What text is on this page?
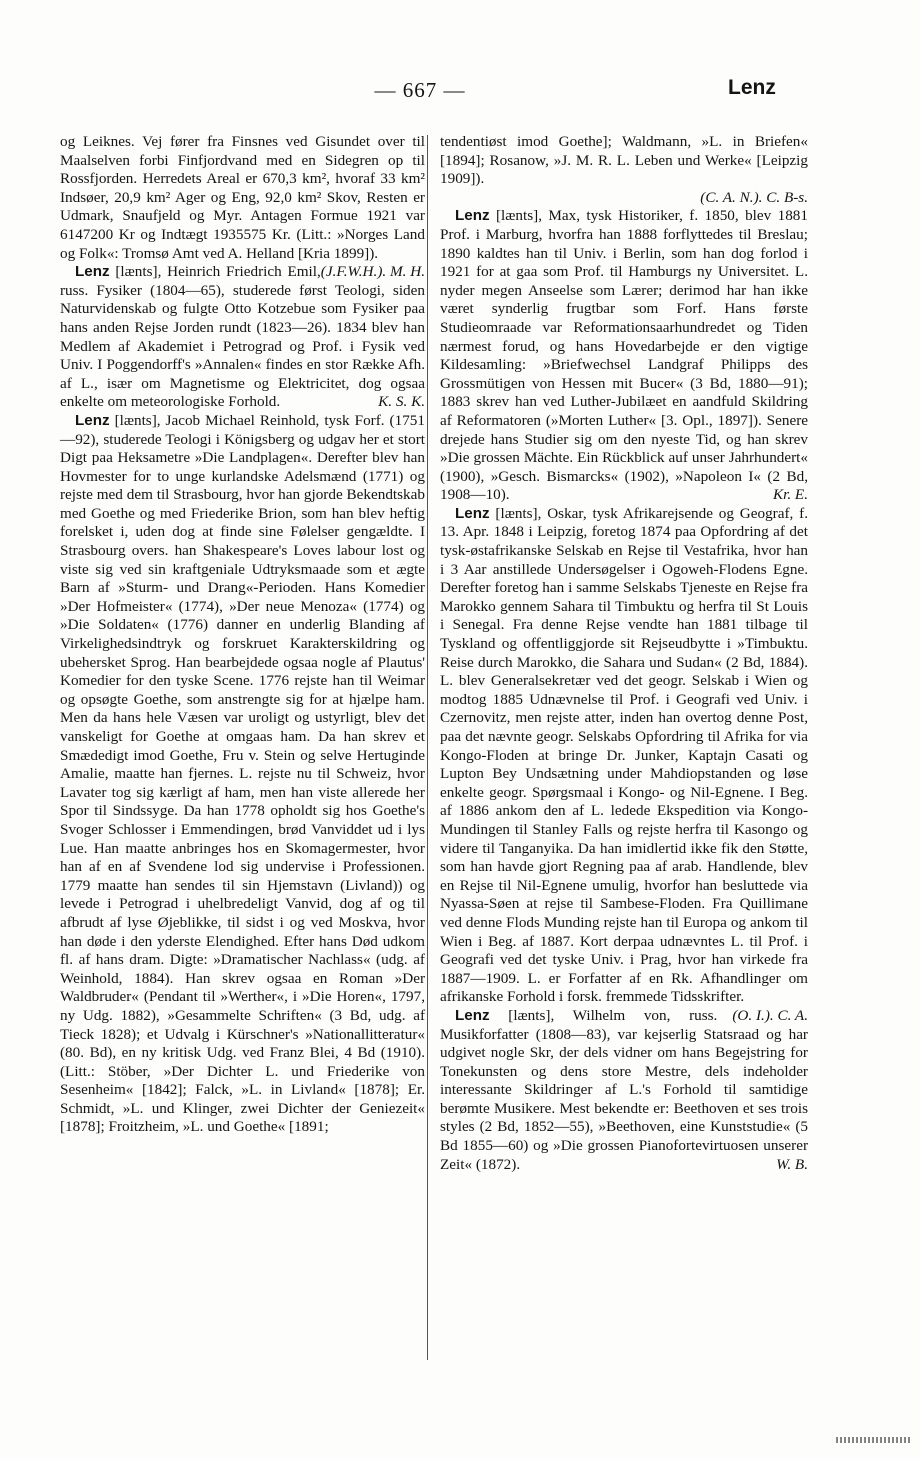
— 667 —	Lenz

og Leiknes. Vej fører fra Finsnes ved Gisundet over til Maalselven forbi Finfjordvand med en Sidegren op til Rossfjorden. Herredets Areal er 670,3 km², hvoraf 33 km² Indsøer, 20,9 km² Ager og Eng, 92,0 km² Skov, Resten er Udmark, Snaufjeld og Myr. Antagen Formue 1921 var 6147200 Kr og Indtægt 1935575 Kr. (Litt.: »Norges Land og Folk«: Tromsø Amt ved A. Helland [Kria 1899]).
(J.F.W.H.). M. H.

Lenz [lænts], Heinrich Friedrich Emil, russ. Fysiker (1804—65), studerede først Teologi, siden Naturvidenskab og fulgte Otto Kotzebue som Fysiker paa hans anden Rejse Jorden rundt (1823—26). 1834 blev han Medlem af Akademiet i Petrograd og Prof. i Fysik ved Univ. I Poggendorff's »Annalen« findes en stor Række Afh. af L., især om Magnetisme og Elektricitet, dog ogsaa enkelte om meteorologiske Forhold.	K. S. K.

Lenz [lænts], Jacob Michael Reinhold, tysk Forf. (1751—92), studerede Teologi i Königsberg og udgav her et stort Digt paa Heksametre »Die Landplagen«. Derefter blev han Hovmester for to unge kurlandske Adelsmænd (1771) og rejste med dem til Strasbourg, hvor han gjorde Bekendtskab med Goethe og med Friederike Brion, som han blev heftig forelsket i, uden dog at finde sine Følelser gengældte. I Strasbourg overs. han Shakespeare's Loves labour lost og viste sig ved sin kraftgeniale Udtryksmaade som et ægte Barn af »Sturm- und Drang«-Perioden. Hans Komedier »Der Hofmeister« (1774), »Der neue Menoza« (1774) og »Die Soldaten« (1776) danner en underlig Blanding af Virkelighedsindtryk og forskruet Karakterskildring og ubehersket Sprog. Han bearbejdede ogsaa nogle af Plautus' Komedier for den tyske Scene. 1776 rejste han til Weimar og opsøgte Goethe, som anstrengte sig for at hjælpe ham. Men da hans hele Væsen var uroligt og ustyrligt, blev det vanskeligt for Goethe at omgaas ham. Da han skrev et Smædedigt imod Goethe, Fru v. Stein og selve Hertuginde Amalie, maatte han fjernes. L. rejste nu til Schweiz, hvor Lavater tog sig kærligt af ham, men han viste allerede her Spor til Sindssyge. Da han 1778 opholdt sig hos Goethe's Svoger Schlosser i Emmendingen, brød Vanviddet ud i lys Lue. Han maatte anbringes hos en Skomagermester, hvor han af en af Svendene lod sig undervise i Professionen. 1779 maatte han sendes til sin Hjemstavn (Livland)) og levede i Petrograd i uhelbredeligt Vanvid, dog af og til afbrudt af lyse Øjeblikke, til sidst i og ved Moskva, hvor han døde i den yderste Elendighed. Efter hans Død udkom fl. af hans dram. Digte: »Dramatischer Nachlass« (udg. af Weinhold, 1884). Han skrev ogsaa en Roman »Der Waldbruder« (Pendant til »Werther«, i »Die Horen«, 1797, ny Udg. 1882), »Gesammelte Schriften« (3 Bd, udg. af Tieck 1828); et Udvalg i Kürschner's »Nationallitteratur« (80. Bd), en ny kritisk Udg. ved Franz Blei, 4 Bd (1910). (Litt.: Stöber, »Der Dichter L. und Friederike von Sesenheim« [1842]; Falck, »L. in Livland« [1878]; Er. Schmidt, »L. und Klinger, zwei Dichter der Geniezeit« [1878]; Froitzheim, »L. und Goethe« [1891;

tendentiøst imod Goethe]; Waldmann, »L. in Briefen« [1894]; Rosanow, »J. M. R. L. Leben und Werke« [Leipzig 1909]).

(C. A. N.). C. B-s.

Lenz [lænts], Max, tysk Historiker, f. 1850, blev 1881 Prof. i Marburg, hvorfra han 1888 forflyttedes til Breslau; 1890 kaldtes han til Univ. i Berlin, som han dog forlod i 1921 for at gaa som Prof. til Hamburgs ny Universitet. L. nyder megen Anseelse som Lærer; derimod har han ikke været synderlig frugtbar som Forf. Hans første Studieomraade var Reformationsaarhundredet og Tiden nærmest forud, og hans Hovedarbejde er den vigtige Kildesamling: »Briefwechsel Landgraf Philipps des Grossmütigen von Hessen mit Bucer« (3 Bd, 1880—91); 1883 skrev han ved Luther-Jubilæet en aandfuld Skildring af Reformatoren (»Morten Luther« [3. Opl., 1897]). Senere drejede hans Studier sig om den nyeste Tid, og han skrev »Die grossen Mächte. Ein Rückblick auf unser Jahrhundert« (1900), »Gesch. Bismarcks« (1902), »Napoleon I« (2 Bd, 1908—10).	Kr. E.

Lenz [lænts], Oskar, tysk Afrikarejsende og Geograf, f. 13. Apr. 1848 i Leipzig, foretog 1874 paa Opfordring af det tysk-østafrikanske Selskab en Rejse til Vestafrika, hvor han i 3 Aar anstillede Undersøgelser i Ogoweh-Flodens Egne. Derefter foretog han i samme Selskabs Tjeneste en Rejse fra Marokko gennem Sahara til Timbuktu og herfra til St Louis i Senegal. Fra denne Rejse vendte han 1881 tilbage til Tyskland og offentliggjorde sit Rejseudbytte i »Timbuktu. Reise durch Marokko, die Sahara und Sudan« (2 Bd, 1884). L. blev Generalsekretær ved det geogr. Selskab i Wien og modtog 1885 Udnævnelse til Prof. i Geografi ved Univ. i Czernovitz, men rejste atter, inden han overtog denne Post, paa det nævnte geogr. Selskabs Opfordring til Afrika for via Kongo-Floden at bringe Dr. Junker, Kaptajn Casati og Lupton Bey Undsætning under Mahdiopstanden og løse enkelte geogr. Spørgsmaal i Kongo- og Nil-Egnene. I Beg. af 1886 ankom den af L. ledede Ekspedition via Kongo-Mundingen til Stanley Falls og rejste herfra til Kasongo og videre til Tanganyika. Da han imidlertid ikke fik den Støtte, som han havde gjort Regning paa af arab. Handlende, blev en Rejse til Nil-Egnene umulig, hvorfor han besluttede via Nyassa-Søen at rejse til Sambese-Floden. Fra Quillimane ved denne Flods Munding rejste han til Europa og ankom til Wien i Beg. af 1887. Kort derpaa udnævntes L. til Prof. i Geografi ved det tyske Univ. i Prag, hvor han virkede fra 1887—1909. L. er Forfatter af en Rk. Afhandlinger om afrikanske Forhold i forsk. fremmede Tidsskrifter.
(O. I.). C. A.

Lenz [lænts], Wilhelm von, russ. Musikforfatter (1808—83), var kejserlig Statsraad og har udgivet nogle Skr, der dels vidner om hans Begejstring for Tonekunsten og dens store Mestre, dels indeholder interessante Skildringer af L.'s Forhold til samtidige berømte Musikere. Mest bekendte er: Beethoven et ses trois styles (2 Bd, 1852—55), »Beethoven, eine Kunststudie« (5 Bd 1855—60) og »Die grossen Pianofortevirtuosen unserer Zeit« (1872).	W. B.
